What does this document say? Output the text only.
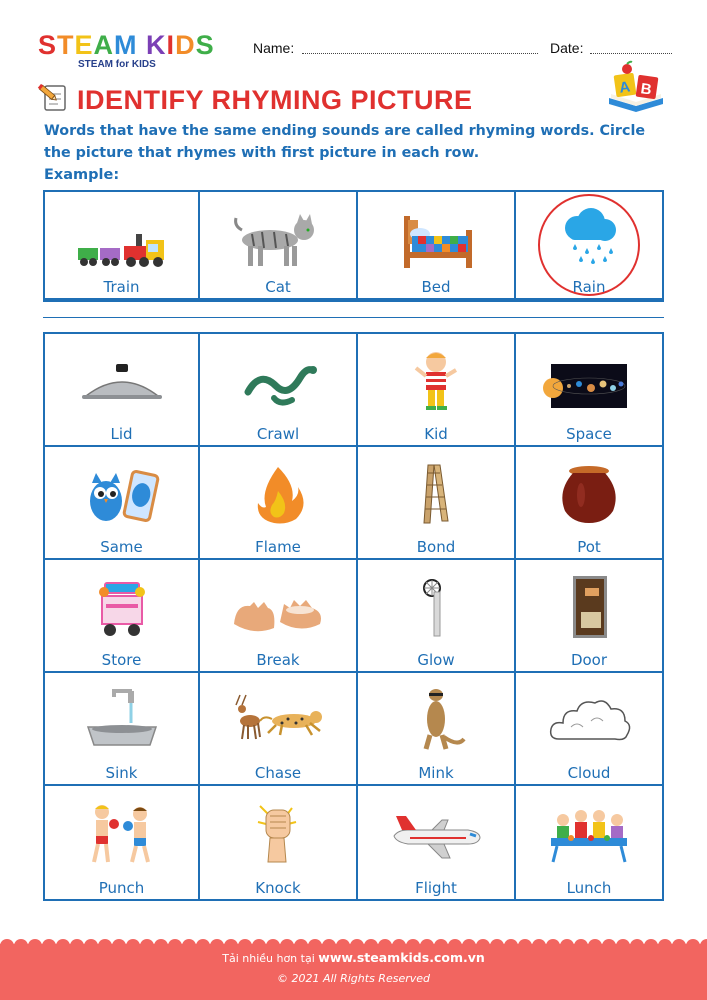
STEAM KIDS
STEAM for KIDS
Name:	Date:
IDENTIFY RHYMING PICTURE	A B
Words that have the same ending sounds are called rhyming words. Circle the picture that rhymes with first picture in each row.
Example:
Train	Cat	Bed	Rain
Lid	Crawl	Kid	Space
Same	Flame	Bond	Pot
Store	Break	Glow	Door
Sink	Chase	Mink	Cloud
Punch	Knock	Flight	Lunch
Tải nhiều hơn tại www.steamkids.com.vn
© 2021 All Rights Reserved
